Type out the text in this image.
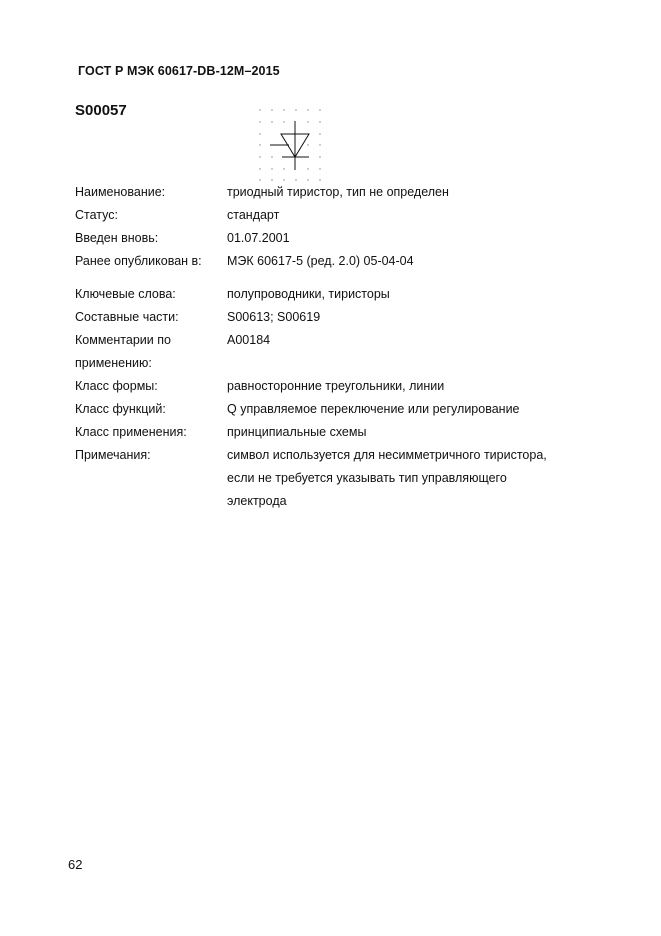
ГОСТ Р МЭК 60617-DB-12M–2015
S00057
Наименование:	триодный тиристор, тип не определен
Статус:	стандарт
Введен вновь:	01.07.2001
Ранее опубликован в:	МЭК 60617-5 (ред. 2.0) 05-04-04
Ключевые слова:	полупроводники, тиристоры
Составные части:	S00613; S00619
Комментарии по применению:
A00184
Класс формы:	равносторонние треугольники, линии
Класс функций:	Q управляемое переключение или регулирование
Класс применения:	принципиальные схемы
Примечания:	символ используется для несимметричного тиристора,
если не требуется указывать тип управляющего
электрода
62
